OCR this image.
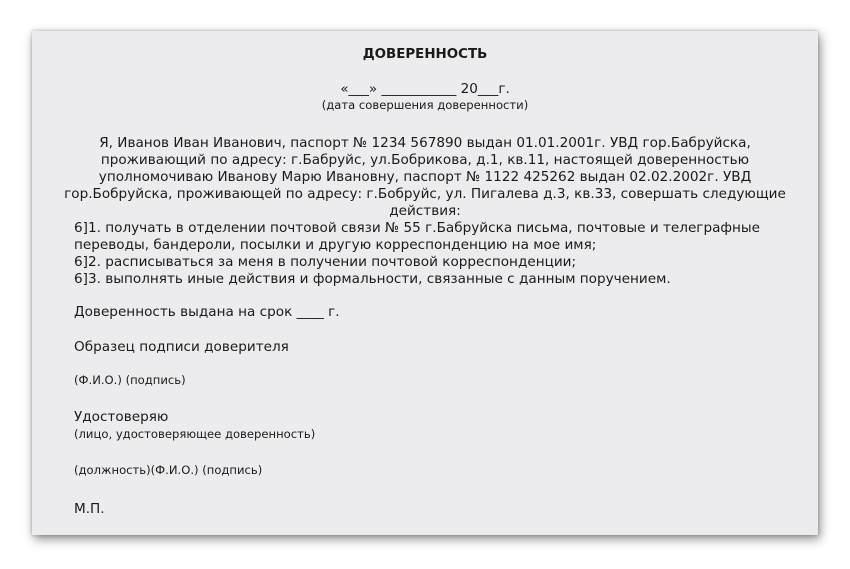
ДОВЕРЕННОСТЬ
«___» ___________ 20___г.
(дата совершения доверенности)
Я, Иванов Иван Иванович, паспорт № 1234 567890 выдан 01.01.2001г. УВД гор.Бабруйска,
проживающий по адресу: г.Бабруйс, ул.Бобрикова, д.1, кв.11, настоящей доверенностью
уполномочиваю Иванову Марю Ивановну, паспорт № 1122 425262 выдан 02.02.2002г. УВД
гор.Бобруйска, проживающей по адресу: г.Бобруйс, ул. Пигалева д.3, кв.33, совершать следующие
действия:
6]1. получать в отделении почтовой связи № 55 г.Бабруйска письма, почтовые и телеграфные
переводы, бандероли, посылки и другую корреспонденцию на мое имя;
6]2. расписываться за меня в получении почтовой корреспонденции;
6]3. выполнять иные действия и формальности, связанные с данным поручением.
Доверенность выдана на срок ____ г.
Образец подписи доверителя
(Ф.И.О.) (подпись)
Удостоверяю
(лицо, удостоверяющее доверенность)
(должность)(Ф.И.О.) (подпись)
М.П.
